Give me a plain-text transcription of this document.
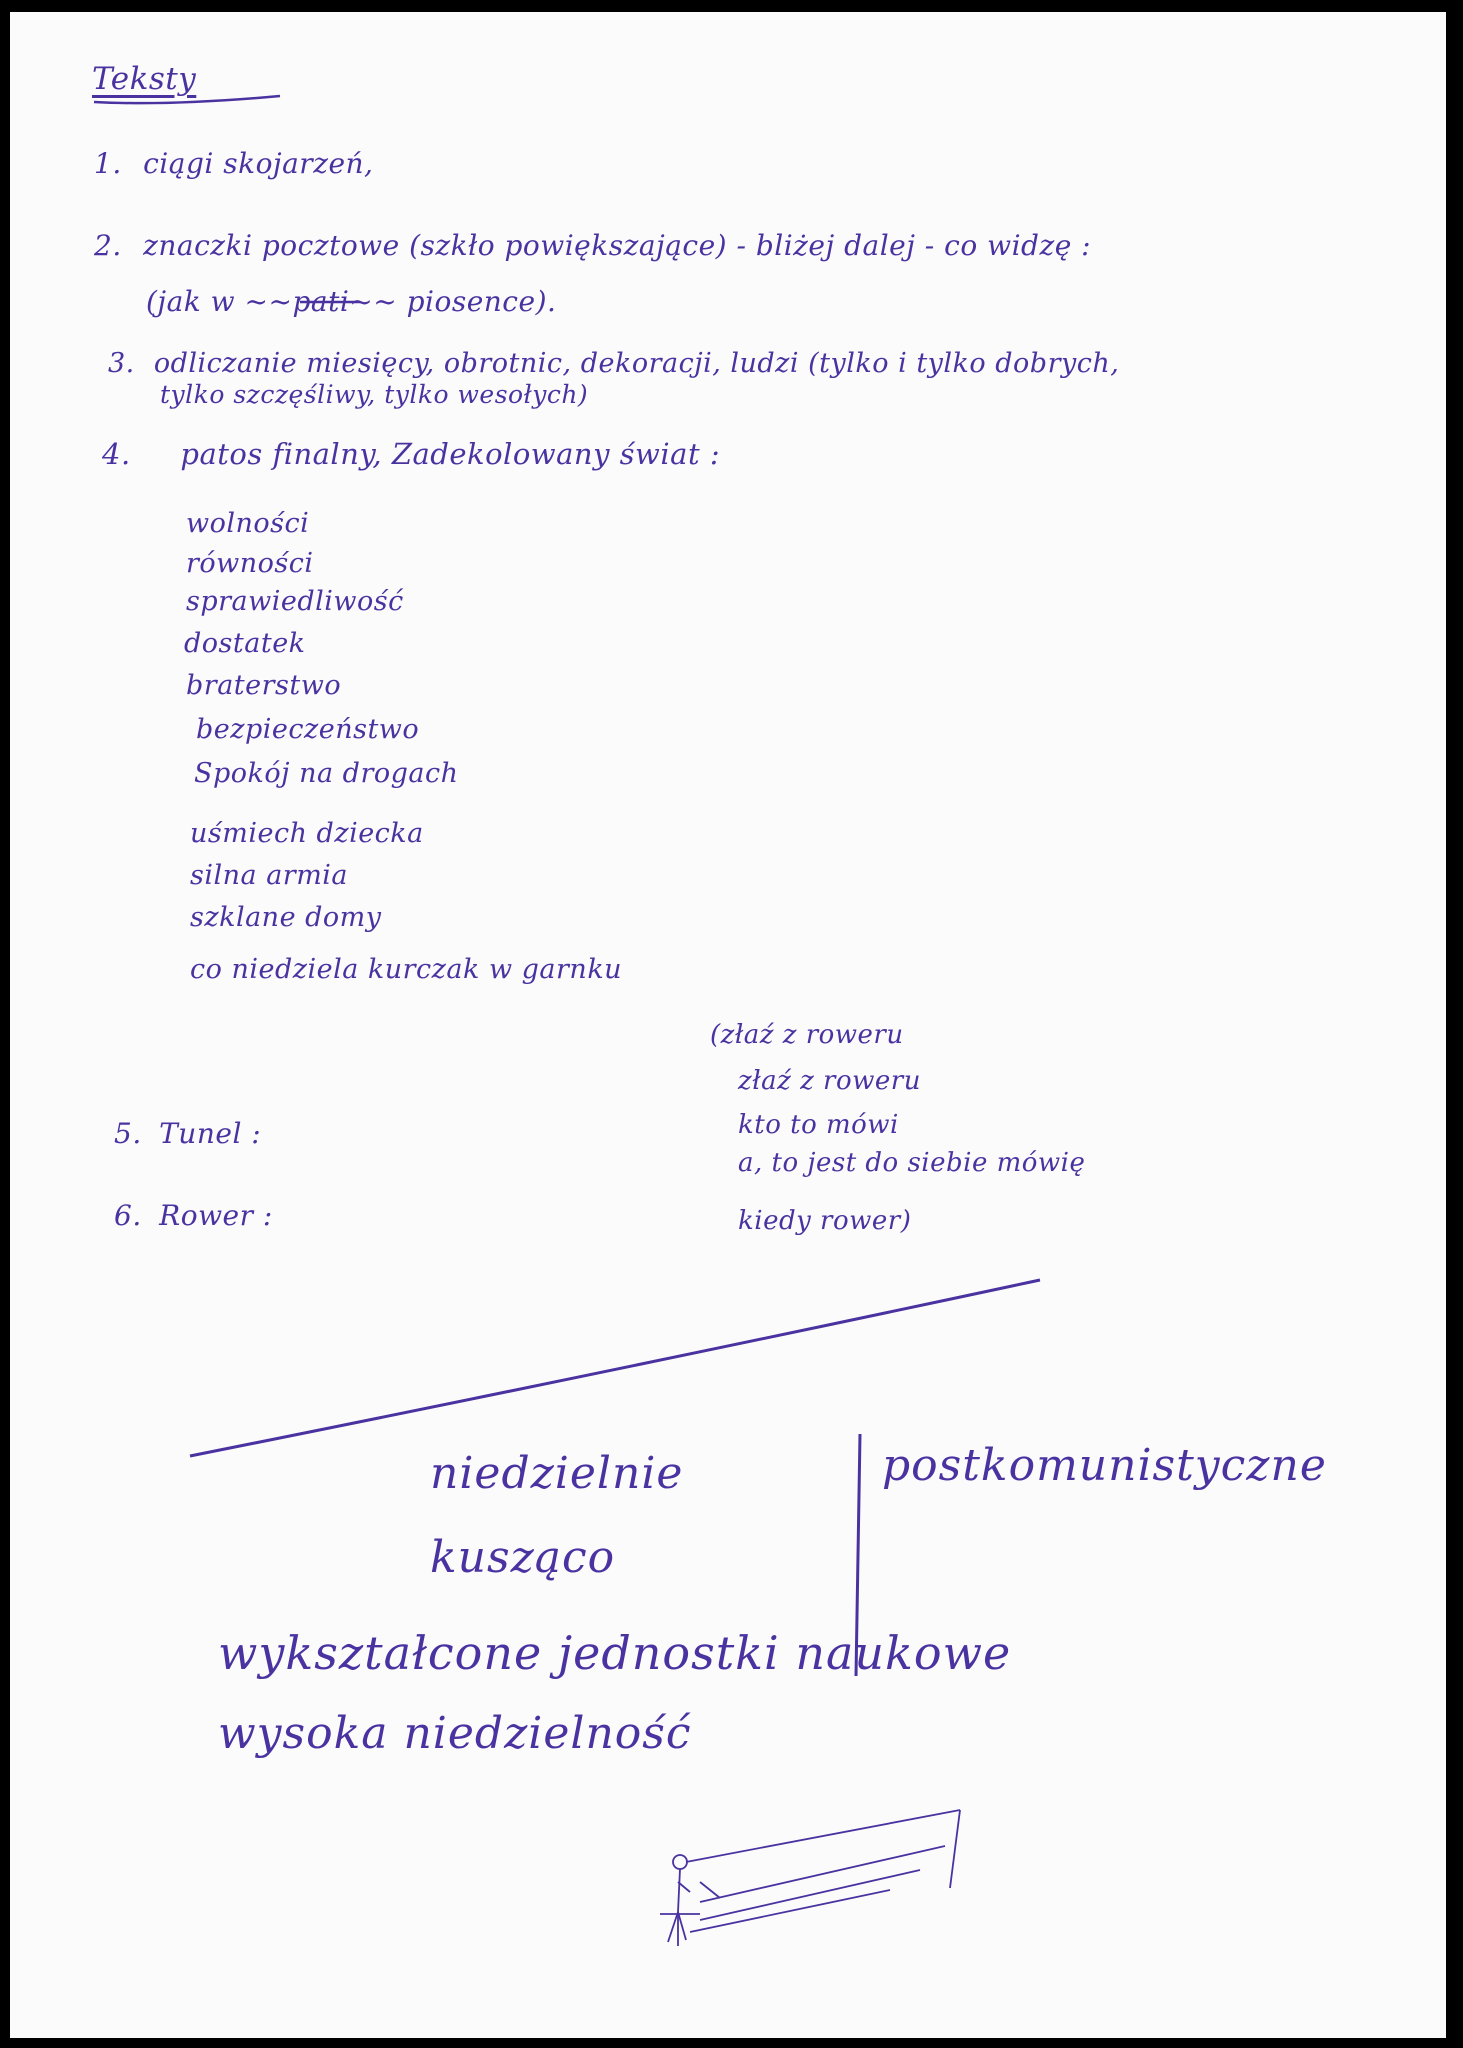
Teksty
1. ciągi skojarzeń,
2. znaczki pocztowe (szkło powiększające) - bliżej dalej - co widzę :
(jak w ~~pati~~ piosence).
3. odliczanie miesięcy, obrotnic, dekoracji, ludzi (tylko i tylko dobrych,
tylko szczęśliwy, tylko wesołych)
4. patos finalny, Zadekolowany świat :
wolności
równości
sprawiedliwość
dostatek
braterstwo
bezpieczeństwo
Spokój na drogach
uśmiech dziecka
silna armia
szklane domy
co niedziela kurczak w garnku
(złaź z roweru
złaź z roweru
kto to mówi
a, to jest do siebie mówię
kiedy rower)
5. Tunel :
6. Rower :
niedzielnie
kusząco
wykształcone jednostki naukowe
wysoka niedzielność
postkomunistyczne
